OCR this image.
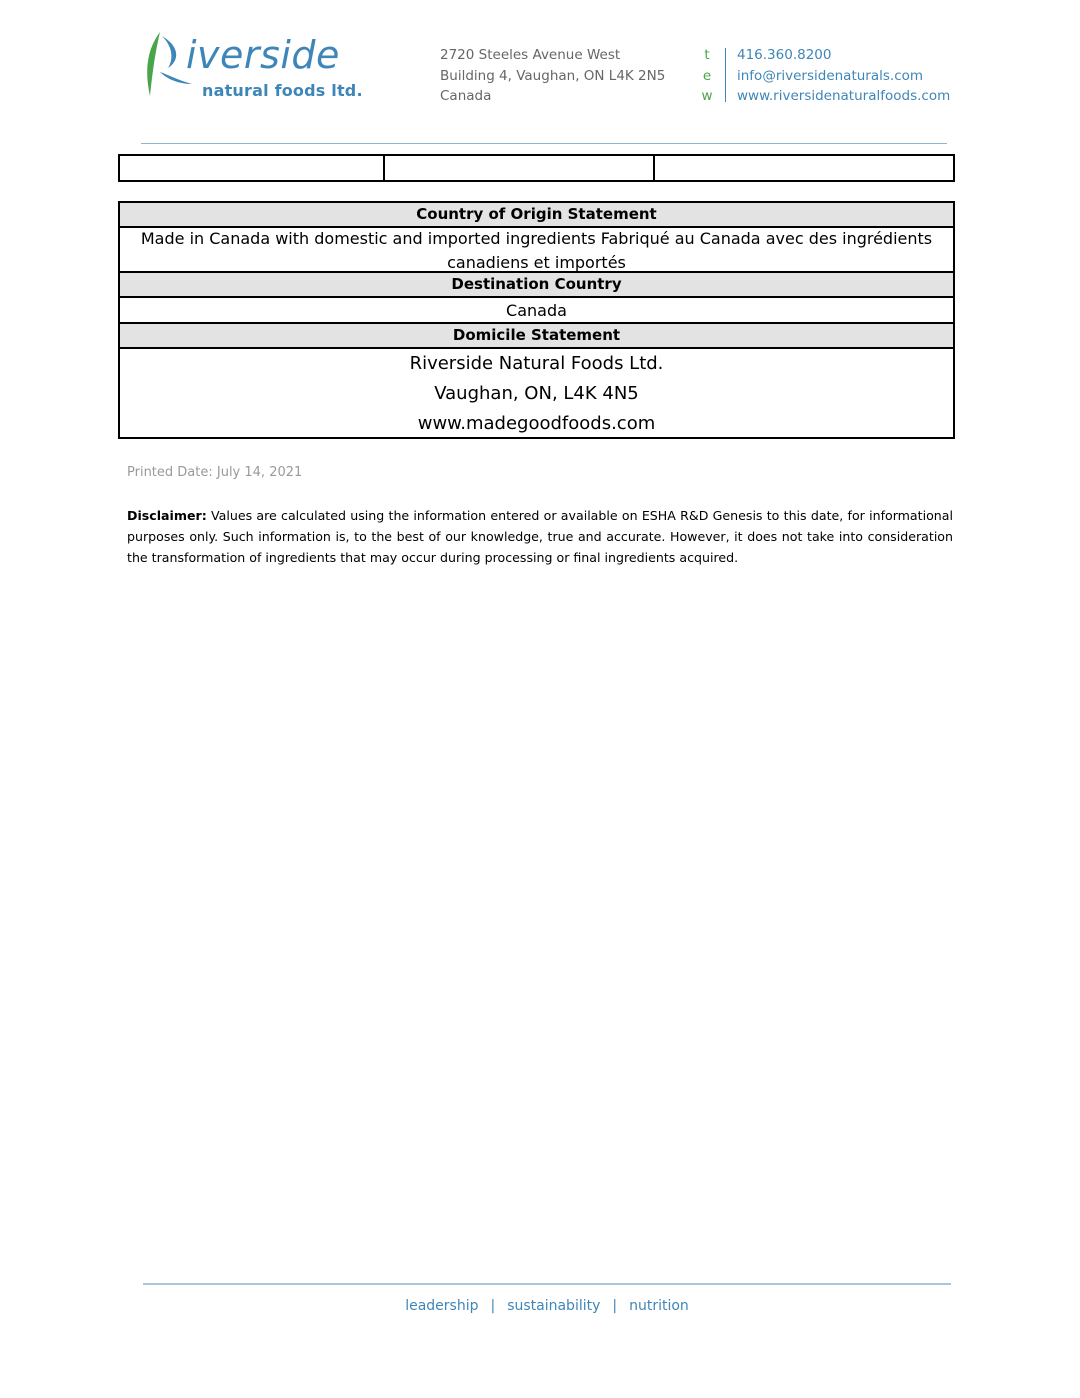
iverside
natural foods ltd.
2720 Steeles Avenue West
Building 4, Vaughan, ON L4K 2N5
Canada
t
e
w
416.360.8200
info@riversidenaturals.com
www.riversidenaturalfoods.com
Country of Origin Statement
Made in Canada with domestic and imported ingredients Fabriqué au Canada avec des ingrédients canadiens et importés
Destination Country
Canada
Domicile Statement
Riverside Natural Foods Ltd.
Vaughan, ON, L4K 4N5
www.madegoodfoods.com
Printed Date: July 14, 2021
Disclaimer: Values are calculated using the information entered or available on ESHA R&D Genesis to this date, for informational purposes only. Such information is, to the best of our knowledge, true and accurate. However, it does not take into consideration the transformation of ingredients that may occur during processing or final ingredients acquired.
leadership | sustainability | nutrition
